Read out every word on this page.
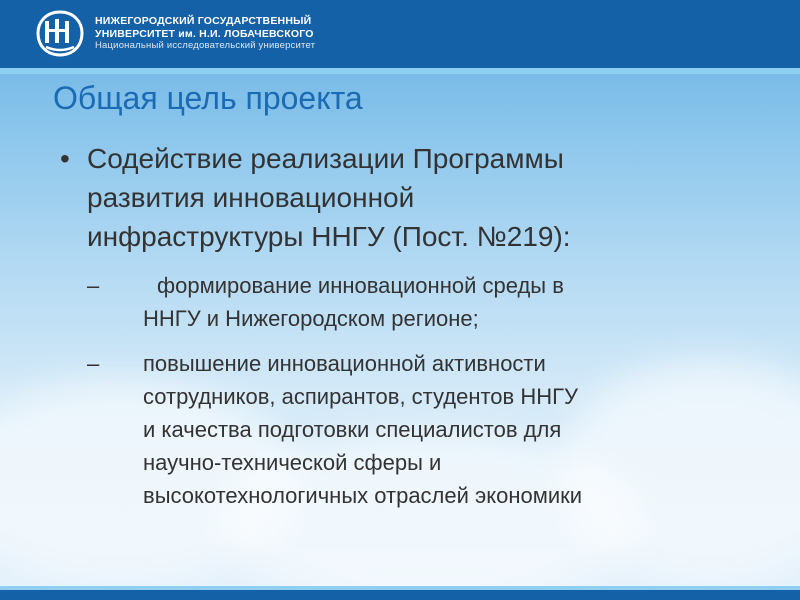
НИЖЕГОРОДСКИЙ ГОСУДАРСТВЕННЫЙ
УНИВЕРСИТЕТ им. Н.И. ЛОБАЧЕВСКОГО
Национальный исследовательский университет
Общая цель проекта
• Содействие реализации Программы
развития инновационной
инфраструктуры ННГУ (Пост. №219):
–	формирование инновационной среды в
ННГУ и Нижегородском регионе;
– повышение инновационной активности
сотрудников, аспирантов, студентов ННГУ
и качества подготовки специалистов для
научно-технической сферы и
высокотехнологичных отраслей экономики
